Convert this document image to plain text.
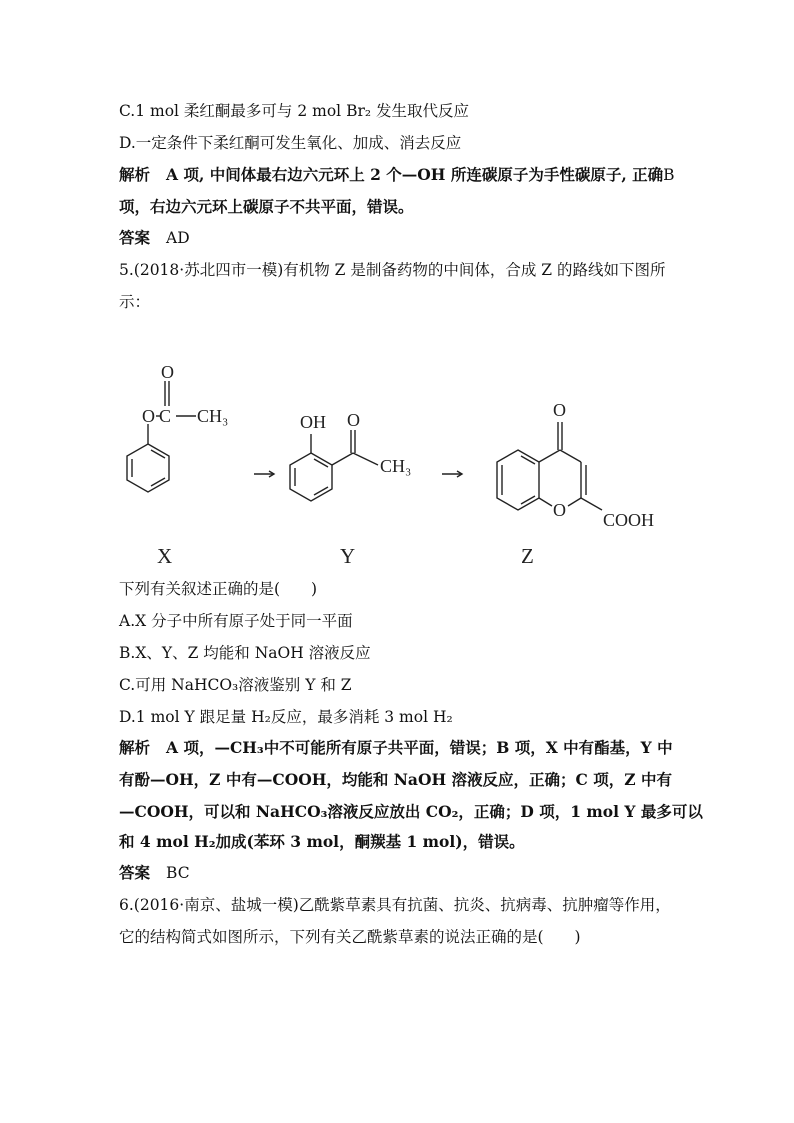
C.1 mol 柔红酮最多可与 2 mol Br₂ 发生取代反应
D.一定条件下柔红酮可发生氧化、加成、消去反应
解析 A 项, 中间体最右边六元环上 2 个—OH 所连碳原子为手性碳原子, 正确B
项，右边六元环上碳原子不共平面，错误。
答案 AD
5.(2018·苏北四市一模)有机物 Z 是制备药物的中间体，合成 Z 的路线如下图所
示：
O
O C CH₃	OH O
CH₃
O
O COOH
X	Y	Z
下列有关叙述正确的是(　　)
A.X 分子中所有原子处于同一平面
B.X、Y、Z 均能和 NaOH 溶液反应
C.可用 NaHCO₃溶液鉴别 Y 和 Z
D.1 mol Y 跟足量 H₂反应，最多消耗 3 mol H₂
解析 A 项，—CH₃中不可能所有原子共平面，错误；B 项，X 中有酯基，Y 中
有酚—OH，Z 中有—COOH，均能和 NaOH 溶液反应，正确；C 项，Z 中有
—COOH，可以和 NaHCO₃溶液反应放出 CO₂，正确；D 项，1 mol Y 最多可以
和 4 mol H₂加成(苯环 3 mol，酮羰基 1 mol)，错误。
答案 BC
6.(2016·南京、盐城一模)乙酰紫草素具有抗菌、抗炎、抗病毒、抗肿瘤等作用，
它的结构简式如图所示，下列有关乙酰紫草素的说法正确的是(　　)
